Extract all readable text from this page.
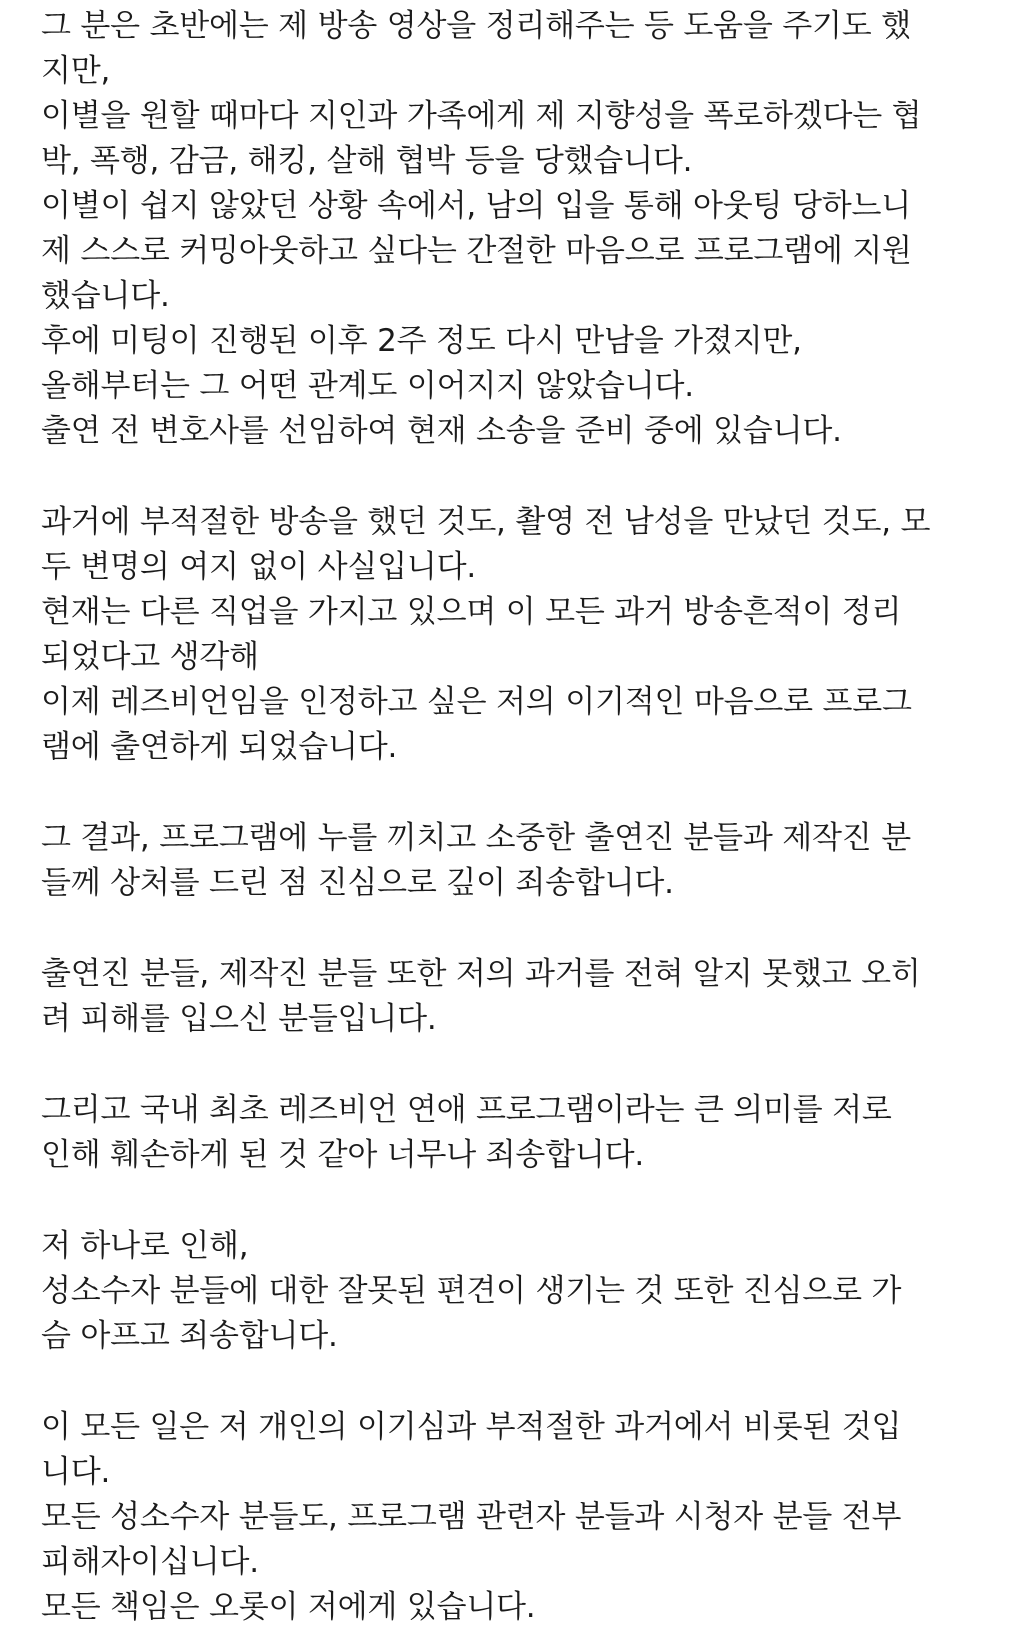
그 분은 초반에는 제 방송 영상을 정리해주는 등 도움을 주기도 했
지만,
이별을 원할 때마다 지인과 가족에게 제 지향성을 폭로하겠다는 협
박, 폭행, 감금, 해킹, 살해 협박 등을 당했습니다.
이별이 쉽지 않았던 상황 속에서, 남의 입을 통해 아웃팅 당하느니
제 스스로 커밍아웃하고 싶다는 간절한 마음으로 프로그램에 지원
했습니다.
후에 미팅이 진행된 이후 2주 정도 다시 만남을 가졌지만,
올해부터는 그 어떤 관계도 이어지지 않았습니다.
출연 전 변호사를 선임하여 현재 소송을 준비 중에 있습니다.
과거에 부적절한 방송을 했던 것도, 촬영 전 남성을 만났던 것도, 모
두 변명의 여지 없이 사실입니다.
현재는 다른 직업을 가지고 있으며 이 모든 과거 방송흔적이 정리
되었다고 생각해
이제 레즈비언임을 인정하고 싶은 저의 이기적인 마음으로 프로그
램에 출연하게 되었습니다.
그 결과, 프로그램에 누를 끼치고 소중한 출연진 분들과 제작진 분
들께 상처를 드린 점 진심으로 깊이 죄송합니다.
출연진 분들, 제작진 분들 또한 저의 과거를 전혀 알지 못했고 오히
려 피해를 입으신 분들입니다.
그리고 국내 최초 레즈비언 연애 프로그램이라는 큰 의미를 저로
인해 훼손하게 된 것 같아 너무나 죄송합니다.
저 하나로 인해,
성소수자 분들에 대한 잘못된 편견이 생기는 것 또한 진심으로 가
슴 아프고 죄송합니다.
이 모든 일은 저 개인의 이기심과 부적절한 과거에서 비롯된 것입
니다.
모든 성소수자 분들도, 프로그램 관련자 분들과 시청자 분들 전부
피해자이십니다.
모든 책임은 오롯이 저에게 있습니다.
